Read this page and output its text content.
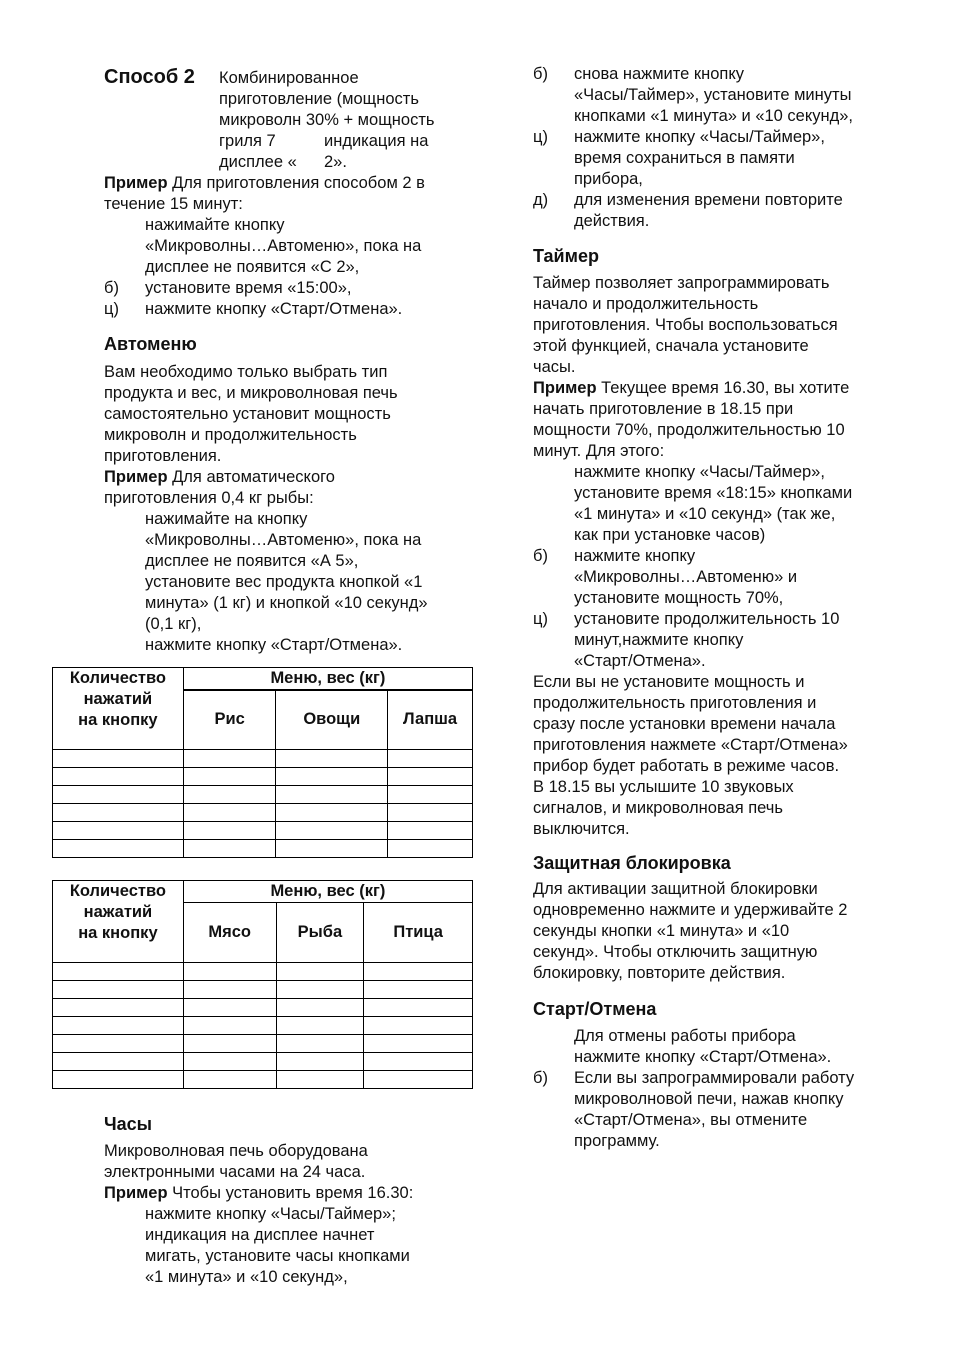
Способ 2 Комбинированное

приготовление (мощность

микроволн 30% + мощность

гриля 7	индикация на

дисплее « 2».

Пример Для приготовления способом 2 в

течение 15 минут:

нажимайте кнопку

«Микроволны…Автоменю», пока на

дисплее не появится «С 2»,

б) установите время «15:00»,
ц) нажмите кнопку «Старт/Отмена».
Автоменю

Вам необходимо только выбрать тип

продукта и вес, и микроволновая печь

самостоятельно установит мощность

микроволн и продолжительность

приготовления.

Пример Для автоматического

приготовления 0,4 кг рыбы:

нажимайте на кнопку

«Микроволны…Автоменю», пока на

дисплее не появится «А 5»,

установите вес продукта кнопкой «1

минута» (1 кг) и кнопкой «10 секунд»

(0,1 кг),

нажмите кнопку «Старт/Отмена».

Количество
нажатий
на кнопку	Меню, вес (кг)		
	Рис	Овощи	Лапша

Количество
нажатий
на кнопку	Меню, вес (кг)		
	Мясо	Рыба	Птица

Часы

Микроволновая печь оборудована

электронными часами на 24 часа.

Пример Чтобы установить время 16.30:

нажмите кнопку «Часы/Таймер»;

индикация на дисплее начнет

мигать, установите часы кнопками

«1 минута» и «10 секунд»,

б) снова нажмите кнопку

«Часы/Таймер», установите минуты

кнопками «1 минута» и «10 секунд»,

ц) нажмите кнопку «Часы/Таймер»,

время сохраниться в памяти

прибора,

д) для изменения времени повторите

действия.

Таймер

Таймер позволяет запрограммировать

начало и продолжительность

приготовления. Чтобы воспользоваться

этой функцией, сначала установите

часы.

Пример Текущее время 16.30, вы хотите

начать приготовление в 18.15 при

мощности 70%, продолжительностью 10

минут. Для этого:

нажмите кнопку «Часы/Таймер»,

установите время «18:15» кнопками

«1 минута» и «10 секунд» (так же,

как при установке часов)

б) нажмите кнопку

«Микроволны…Автоменю» и

установите мощность 70%,

ц) установите продолжительность 10

минут,нажмите кнопку

«Старт/Отмена».

Если вы не установите мощность и

продолжительность приготовления и

сразу после установки времени начала

приготовления нажмете «Старт/Отмена»

прибор будет работать в режиме часов.

В 18.15 вы услышите 10 звуковых

сигналов, и микроволновая печь

выключится.

Защитная блокировка

Для активации защитной блокировки

одновременно нажмите и удерживайте 2

секунды кнопки «1 минута» и «10

секунд». Чтобы отключить защитную

блокировку, повторите действия.

Старт/Отмена

Для отмены работы прибора

нажмите кнопку «Старт/Отмена».

б) Если вы запрограммировали работу

микроволновой печи, нажав кнопку

«Старт/Отмена», вы отмените

программу.
